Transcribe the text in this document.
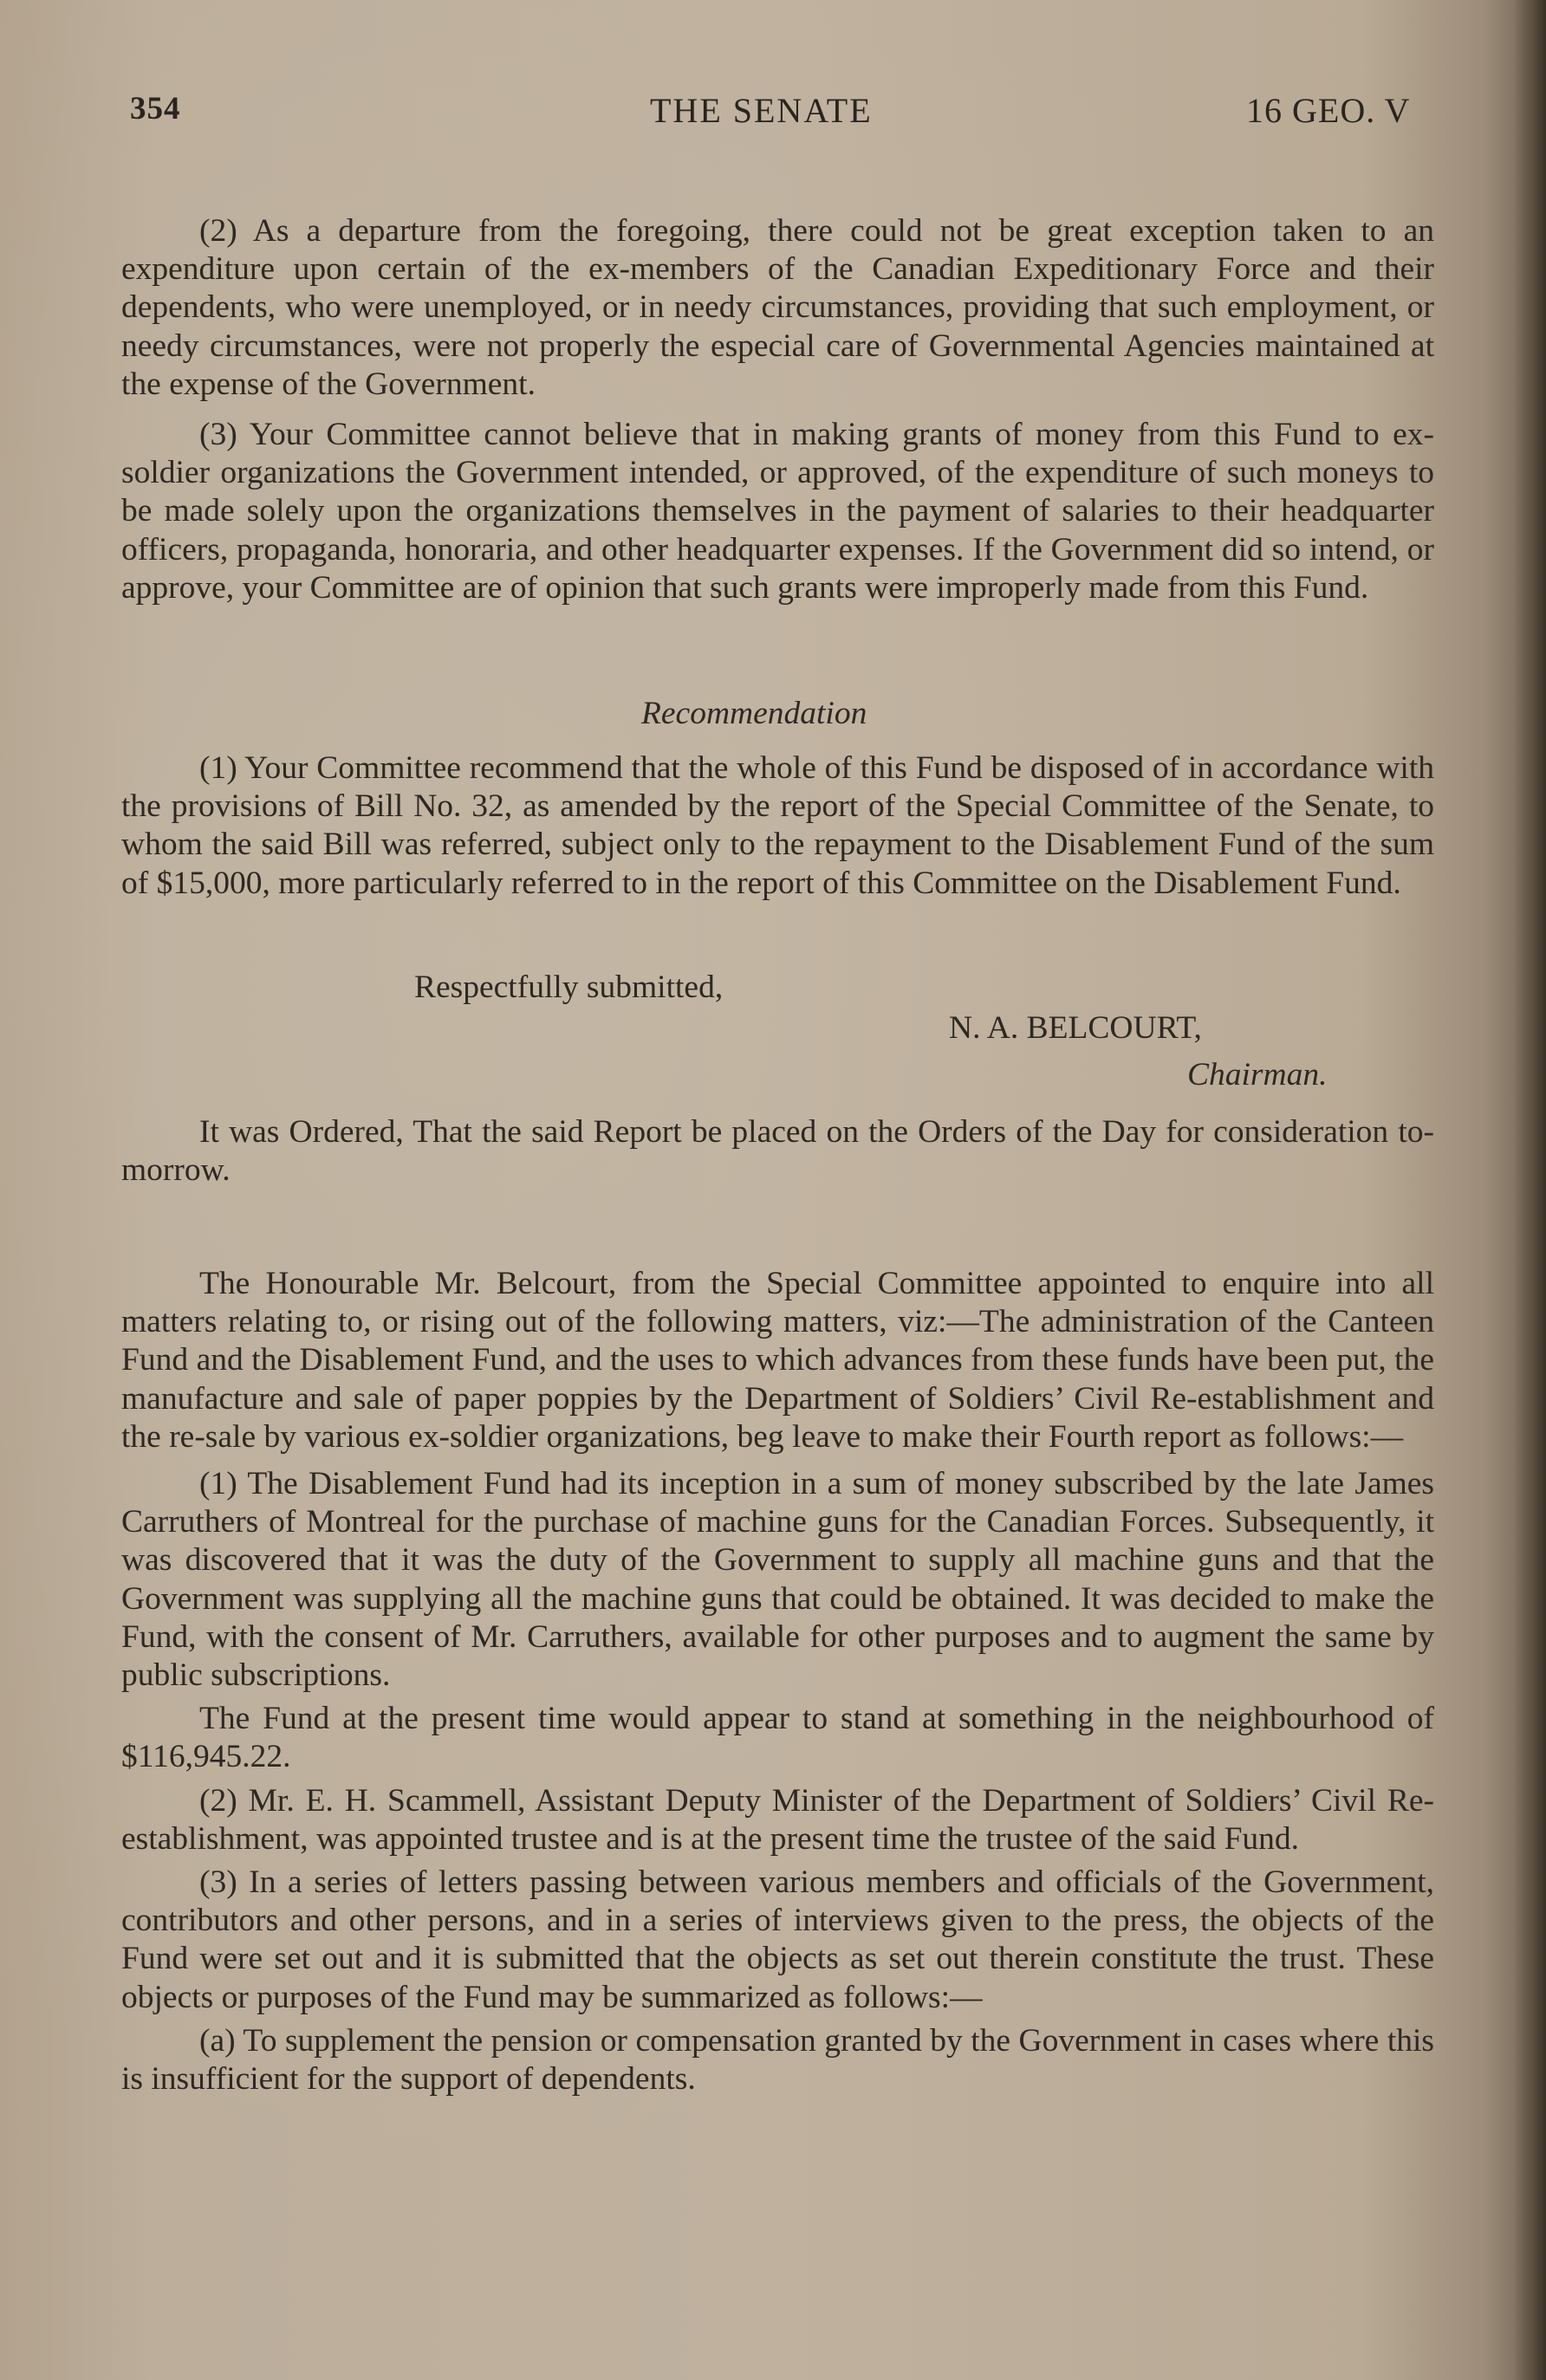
354	THE SENATE	16 GEO. V

(2) As a departure from the foregoing, there could not be great exception taken to an expenditure upon certain of the ex-members of the Canadian Expeditionary Force and their dependents, who were unemployed, or in needy circumstances, providing that such employment, or needy circumstances, were not properly the especial care of Governmental Agencies maintained at the expense of the Government.

(3) Your Committee cannot believe that in making grants of money from this Fund to ex-soldier organizations the Government intended, or approved, of the expenditure of such moneys to be made solely upon the organizations themselves in the payment of salaries to their headquarter officers, propaganda, honoraria, and other headquarter expenses. If the Government did so intend, or approve, your Committee are of opinion that such grants were improperly made from this Fund.

Recommendation

(1) Your Committee recommend that the whole of this Fund be disposed of in accordance with the provisions of Bill No. 32, as amended by the report of the Special Committee of the Senate, to whom the said Bill was referred, subject only to the repayment to the Disablement Fund of the sum of $15,000, more particularly referred to in the report of this Committee on the Disablement Fund.

Respectfully submitted,
N. A. BELCOURT,
Chairman.

It was Ordered, That the said Report be placed on the Orders of the Day for consideration to-morrow.

The Honourable Mr. Belcourt, from the Special Committee appointed to enquire into all matters relating to, or rising out of the following matters, viz:—The administration of the Canteen Fund and the Disablement Fund, and the uses to which advances from these funds have been put, the manufacture and sale of paper poppies by the Department of Soldiers’ Civil Re-establishment and the re-sale by various ex-soldier organizations, beg leave to make their Fourth report as follows:—

(1) The Disablement Fund had its inception in a sum of money subscribed by the late James Carruthers of Montreal for the purchase of machine guns for the Canadian Forces. Subsequently, it was discovered that it was the duty of the Government to supply all machine guns and that the Government was supplying all the machine guns that could be obtained. It was decided to make the Fund, with the consent of Mr. Carruthers, available for other purposes and to augment the same by public subscriptions.

The Fund at the present time would appear to stand at something in the neighbourhood of $116,945.22.

(2) Mr. E. H. Scammell, Assistant Deputy Minister of the Department of Soldiers’ Civil Re-establishment, was appointed trustee and is at the present time the trustee of the said Fund.

(3) In a series of letters passing between various members and officials of the Government, contributors and other persons, and in a series of interviews given to the press, the objects of the Fund were set out and it is submitted that the objects as set out therein constitute the trust. These objects or purposes of the Fund may be summarized as follows:—

(a) To supplement the pension or compensation granted by the Government in cases where this is insufficient for the support of dependents.
